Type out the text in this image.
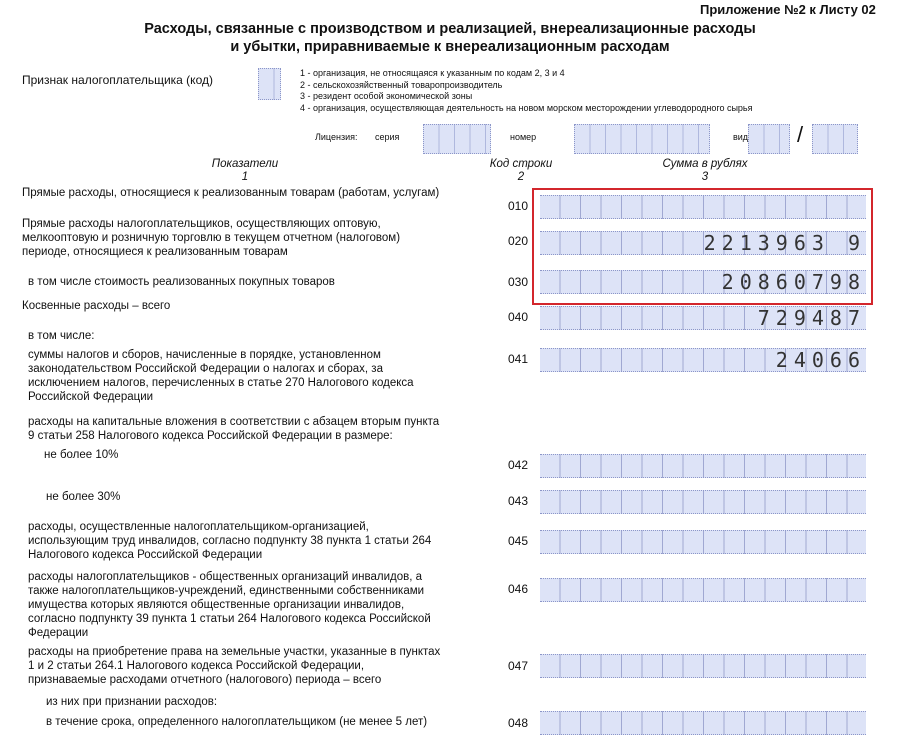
Приложение №2 к Листу 02
Расходы, связанные с производством и реализацией, внереализационные расходы
и убытки, приравниваемые к внереализационным расходам
Признак налогоплательщика (код)	1 - организация, не относящаяся к указанным по кодам 2, 3 и 4
2 - сельскохозяйственный товаропроизводитель
3 - резидент особой экономической зоны
4 - организация, осуществляющая деятельность на новом морском месторождении углеводородного сырья
Лицензия: серия	номер	вид /
Показатели
1
Код строки
2
Сумма в рублях
3
Прямые расходы, относящиеся к реализованным товарам (работам, услугам)
010
Прямые расходы налогоплательщиков, осуществляющих оптовую,
мелкооптовую и розничную торговлю в текущем отчетном (налоговом)
периоде, относящиеся к реализованным товарам
020	2213963 9
в том числе стоимость реализованных покупных товаров	030	20860798
Косвенные расходы – всего
040	729487
в том числе:
суммы налогов и сборов, начисленные в порядке, установленном
законодательством Российской Федерации о налогах и сборах, за
исключением налогов, перечисленных в статье 270 Налогового кодекса
Российской Федерации
041	24066
расходы на капитальные вложения в соответствии с абзацем вторым пункта
9 статьи 258 Налогового кодекса Российской Федерации в размере:
не более 10%
042
не более 30%	043
расходы, осуществленные налогоплательщиком-организацией,
использующим труд инвалидов, согласно подпункту 38 пункта 1 статьи 264
Налогового кодекса Российской Федерации
045
расходы налогоплательщиков - общественных организаций инвалидов, а
также налогоплательщиков-учреждений, единственными собственниками
имущества которых являются общественные организации инвалидов,
согласно подпункту 39 пункта 1 статьи 264 Налогового кодекса Российской
Федерации
046
расходы на приобретение права на земельные участки, указанные в пунктах
1 и 2 статьи 264.1 Налогового кодекса Российской Федерации,
признаваемые расходами отчетного (налогового) периода – всего
047
из них при признании расходов:
в течение срока, определенного налогоплательщиком (не менее 5 лет)	048
